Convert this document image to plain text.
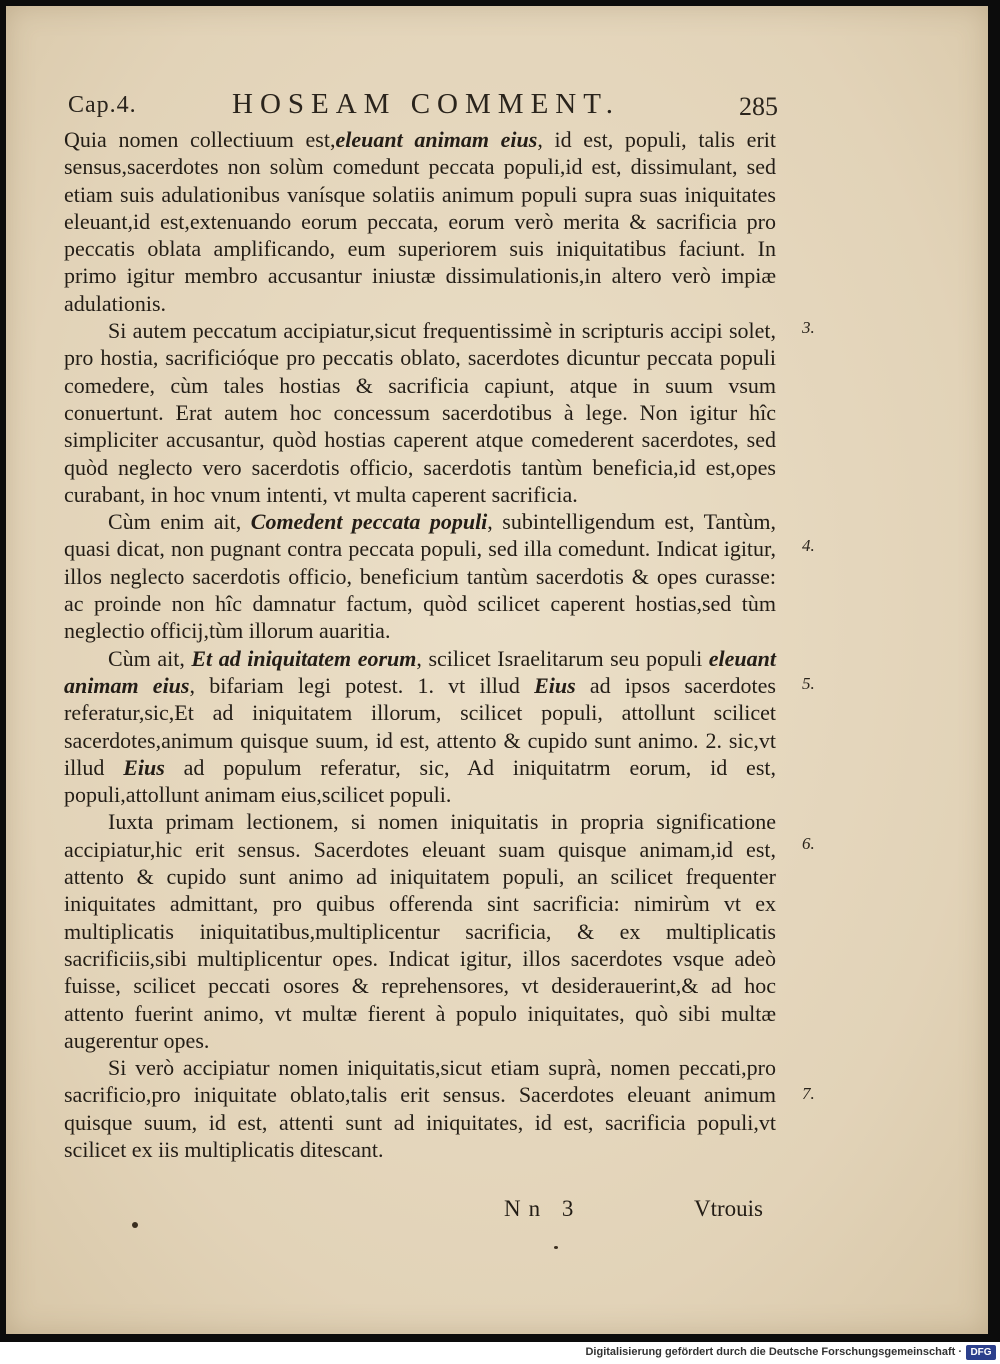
Cap.4.	HOSEAM COMMENT.	285

Quia nomen collectiuum est,eleuant animam eius, id est, populi, talis erit sensus,sacerdotes non solùm comedunt peccata populi,id est, dissimulant, sed etiam suis adulationibus vanísque solatiis animum populi supra suas iniquitates eleuant,id est,extenuando eorum peccata, eorum verò merita & sacrificia pro peccatis oblata amplificando, eum superiorem suis iniquitatibus faciunt. In primo igitur membro accusantur iniustæ dissimulationis,in altero verò impiæ adulationis.

Si autem peccatum accipiatur,sicut frequentissimè in scripturis accipi solet, pro hostia, sacrificióque pro peccatis oblato, sacerdotes dicuntur peccata populi comedere, cùm tales hostias & sacrificia capiunt, atque in suum vsum conuertunt. Erat autem hoc concessum sacerdotibus à lege. Non igitur hîc simpliciter accusantur, quòd hostias caperent atque comederent sacerdotes, sed quòd neglecto vero sacerdotis officio, sacerdotis tantùm beneficia,id est,opes curabant, in hoc vnum intenti, vt multa caperent sacrificia.

Cùm enim ait, Comedent peccata populi, subintelligendum est, Tantùm, quasi dicat, non pugnant contra peccata populi, sed illa comedunt. Indicat igitur, illos neglecto sacerdotis officio, beneficium tantùm sacerdotis & opes curasse: ac proinde non hîc damnatur factum, quòd scilicet caperent hostias,sed tùm neglectio officij,tùm illorum auaritia.

Cùm ait, Et ad iniquitatem eorum, scilicet Israelitarum seu populi eleuant animam eius, bifariam legi potest. 1. vt illud Eius ad ipsos sacerdotes referatur,sic,Et ad iniquitatem illorum, scilicet populi, attollunt scilicet sacerdotes,animum quisque suum, id est, attento & cupido sunt animo. 2. sic,vt illud Eius ad populum referatur, sic, Ad iniquitatrm eorum, id est, populi,attollunt animam eius,scilicet populi.

Iuxta primam lectionem, si nomen iniquitatis in propria significatione accipiatur,hic erit sensus. Sacerdotes eleuant suam quisque animam,id est, attento & cupido sunt animo ad iniquitatem populi, an scilicet frequenter iniquitates admittant, pro quibus offerenda sint sacrificia: nimirùm vt ex multiplicatis iniquitatibus,multiplicentur sacrificia, & ex multiplicatis sacrificiis,sibi multiplicentur opes. Indicat igitur, illos sacerdotes vsque adeò fuisse, scilicet peccati osores & reprehensores, vt desiderauerint,& ad hoc attento fuerint animo, vt multæ fierent à populo iniquitates, quò sibi multæ augerentur opes.

Si verò accipiatur nomen iniquitatis,sicut etiam suprà, nomen peccati,pro sacrificio,pro iniquitate oblato,talis erit sensus. Sacerdotes eleuant animum quisque suum, id est, attenti sunt ad iniquitates, id est, sacrificia populi,vt scilicet ex iis multiplicatis ditescant.

3.
4.
5.
6.
7.
Nn 3	Vtrouis
Digitalisierung gefördert durch die Deutsche Forschungsgemeinschaft · DFG
